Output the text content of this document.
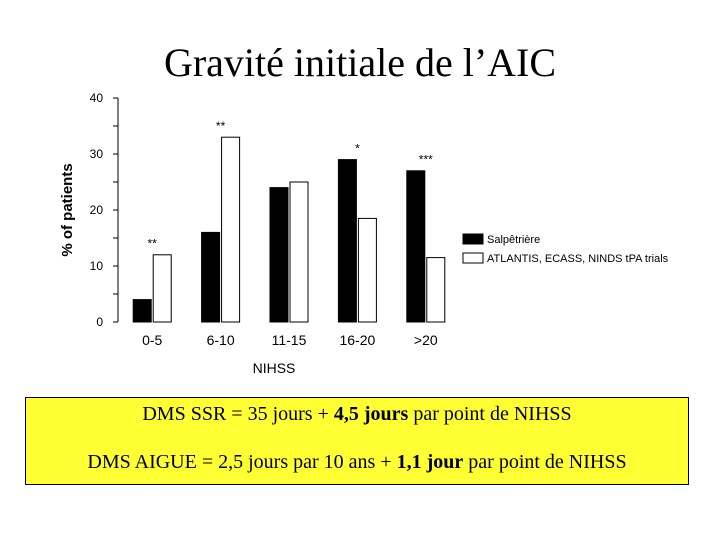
Gravité initiale de l’AIC
0
10
20
30
40
% of patients
0-5	6-10	11-15 16-20	>20
NIHSS
**
**
*
***
Salpêtrière
ATLANTIS, ECASS, NINDS tPA trials
DMS SSR = 35 jours + 4,5 jours par point de NIHSS
DMS AIGUE = 2,5 jours par 10 ans + 1,1 jour par point de NIHSS
